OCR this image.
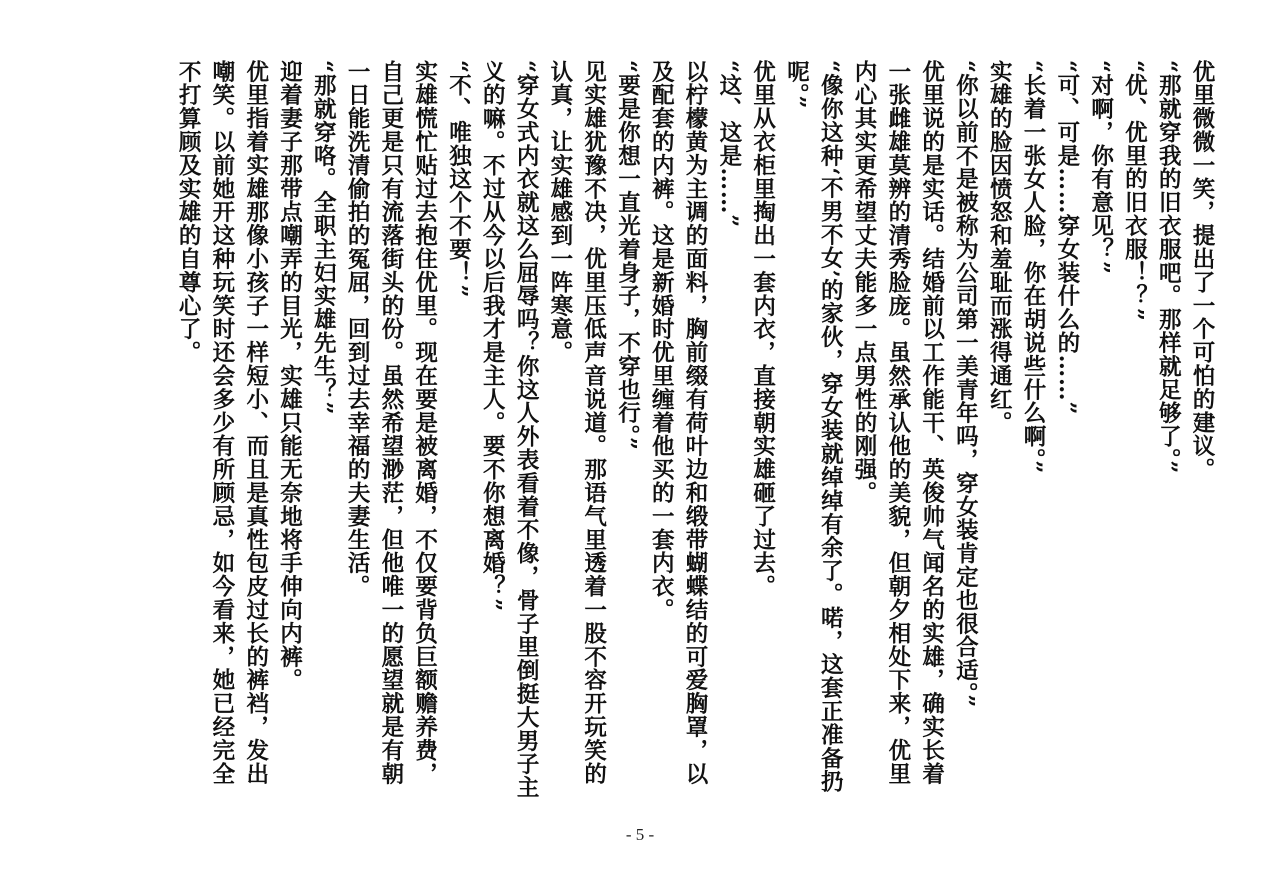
优里微微一笑，提出了一个可怕的建议。

“那就穿我的旧衣服吧。那样就足够了。”

“优、优里的旧衣服！？”

“对啊，你有意见？”

“可、可是……穿女装什么的……”

“长着一张女人脸，你在胡说些什么啊。”

实雄的脸因愤怒和羞耻而涨得通红。

“你以前不是被称为公司第一美青年吗，穿女装肯定也很合适。”

优里说的是实话。结婚前以工作能干、英俊帅气闻名的实雄，确实长着一张雌雄莫辨的清秀脸庞。虽然承认他的美貌，但朝夕相处下来，优里内心其实更希望丈夫能多一点男性的刚强。

“像你这种‘不男不女’的家伙，穿女装就绰绰有余了。喏，这套正准备扔呢。”

优里从衣柜里掏出一套内衣，直接朝实雄砸了过去。

“这、这是……”

以柠檬黄为主调的面料，胸前缀有荷叶边和缎带蝴蝶结的可爱胸罩，以及配套的内裤。这是新婚时优里缠着他买的一套内衣。

“要是你想一直光着身子，不穿也行。”

见实雄犹豫不决，优里压低声音说道。那语气里透着一股不容开玩笑的认真，让实雄感到一阵寒意。

“穿女式内衣就这么屈辱吗？你这人外表看着不像，骨子里倒挺大男子主义的嘛。不过从今以后我才是主人。要不你想离婚？”

“不、唯独这个不要！”

实雄慌忙贴过去抱住优里。现在要是被离婚，不仅要背负巨额赡养费，自己更是只有流落街头的份。虽然希望渺茫，但他唯一的愿望就是有朝一日能洗清偷拍的冤屈，回到过去幸福的夫妻生活。

“那就穿咯。全职主妇实雄先生？”

迎着妻子那带点嘲弄的目光，实雄只能无奈地将手伸向内裤。

优里指着实雄那像小孩子一样短小、而且是真性包皮过长的裤裆，发出嘲笑。以前她开这种玩笑时还会多少有所顾忌，如今看来，她已经完全不打算顾及实雄的自尊心了。

- 5 -
